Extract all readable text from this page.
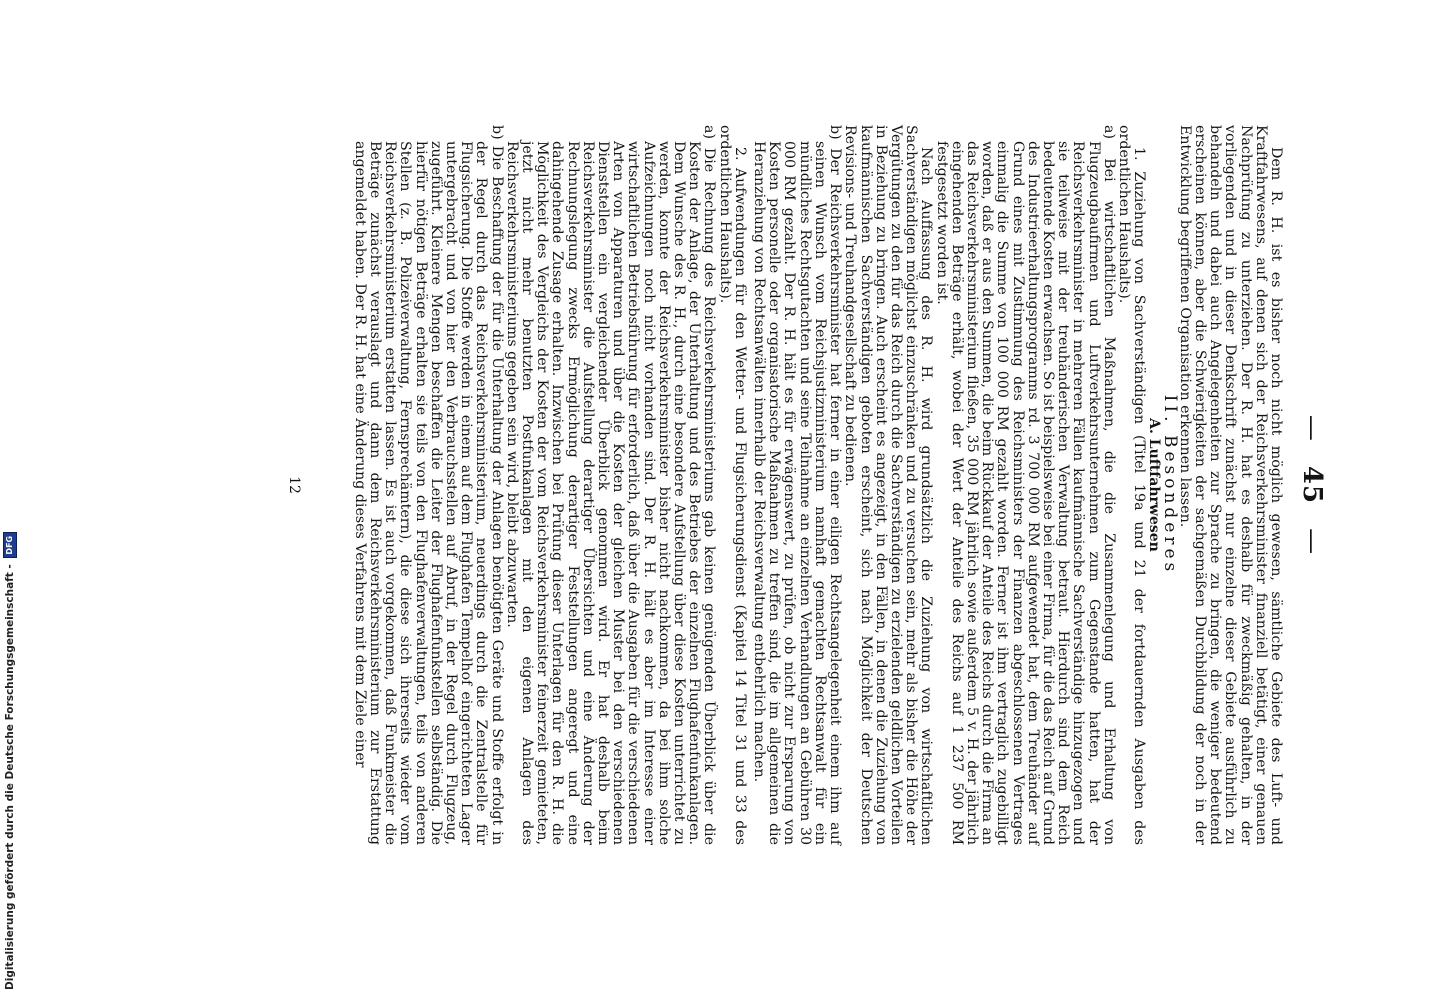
— 45 —

Dem R. H. ist es bisher noch nicht möglich gewesen, sämtliche Gebiete des Luft- und Kraftfahrwesens, auf denen sich der Reichsverkehrsminister finanziell betätigt, einer genauen Nachprüfung zu unterziehen. Der R. H. hat es deshalb für zweckmäßig gehalten, in der vorliegenden und in dieser Denkschrift zunächst nur einzelne dieser Gebiete ausführlich zu behandeln und dabei auch Angelegenheiten zur Sprache zu bringen, die weniger bedeutend erscheinen können, aber die Schwierigkeiten der sachgemäßen Durchbildung der noch in der Entwicklung begriffenen Organisation erkennen lassen.

II. Besonderes

A. Luftfahrwesen

1. Zuziehung von Sachverständigen (Titel 19a und 21 der fortdauernden Ausgaben des ordentlichen Haushalts).

a) Bei wirtschaftlichen Maßnahmen, die die Zusammenlegung und Erhaltung von Flugzeugbaufirmen und Luftverkehrsunternehmen zum Gegenstande hatten, hat der Reichsverkehrsminister in mehreren Fällen kaufmännische Sachverständige hinzugezogen und sie teilweise mit der treuhänderischen Verwaltung betraut. Hierdurch sind dem Reich bedeutende Kosten erwachsen. So ist beispielsweise bei einer Firma, für die das Reich auf Grund des Industrieerhaltungsprogramms rd. 3 700 000 RM aufgewendet hat, dem Treuhänder auf Grund eines mit Zustimmung des Reichsministers der Finanzen abgeschlossenen Vertrages einmalig die Summe von 100 000 RM gezahlt worden. Ferner ist ihm vertraglich zugebilligt worden, daß er aus den Summen, die beim Rückkauf der Anteile des Reichs durch die Firma an das Reichsverkehrsministerium fließen, 35 000 RM jährlich sowie außerdem 5 v. H. der jährlich eingehenden Beträge erhält, wobei der Wert der Anteile des Reichs auf 1 237 500 RM festgesetzt worden ist.

Nach Auffassung des R. H. wird grundsätzlich die Zuziehung von wirtschaftlichen Sachverständigen möglichst einzuschränken und zu versuchen sein, mehr als bisher die Höhe der Vergütungen zu den für das Reich durch die Sachverständigen zu erzielenden geldlichen Vorteilen in Beziehung zu bringen. Auch erscheint es angezeigt, in den Fällen, in denen die Zuziehung von kaufmännischen Sachverständigen geboten erscheint, sich nach Möglichkeit der Deutschen Revisions- und Treuhandgesellschaft zu bedienen.

b) Der Reichsverkehrsminister hat ferner in einer eiligen Rechtsangelegenheit einem ihm auf seinen Wunsch vom Reichsjustizministerium namhaft gemachten Rechtsanwalt für ein mündliches Rechtsgutachten und seine Teilnahme an einzelnen Verhandlungen an Gebühren 30 000 RM gezahlt. Der R. H. hält es für erwägenswert, zu prüfen, ob nicht zur Ersparung von Kosten personelle oder organisatorische Maßnahmen zu treffen sind, die im allgemeinen die Heranziehung von Rechtsanwälten innerhalb der Reichsverwaltung entbehrlich machen.

2. Aufwendungen für den Wetter- und Flugsicherungsdienst (Kapitel 14 Titel 31 und 33 des ordentlichen Haushalts).

a) Die Rechnung des Reichsverkehrsministeriums gab keinen genügenden Überblick über die Kosten der Anlage, der Unterhaltung und des Betriebes der einzelnen Flughafenfunkanlagen. Dem Wunsche des R. H., durch eine besondere Aufstellung über diese Kosten unterrichtet zu werden, konnte der Reichsverkehrsminister bisher nicht nachkommen, da bei ihm solche Aufzeichnungen noch nicht vorhanden sind. Der R. H. hält es aber im Interesse einer wirtschaftlichen Betriebsführung für erforderlich, daß über die Ausgaben für die verschiedenen Arten von Apparaturen und über die Kosten der gleichen Muster bei den verschiedenen Dienststellen ein vergleichender Überblick genommen wird. Er hat deshalb beim Reichsverkehrsminister die Aufstellung derartiger Übersichten und eine Änderung der Rechnungslegung zwecks Ermöglichung derartiger Feststellungen angeregt und eine dahingehende Zusage erhalten. Inzwischen bei Prüfung dieser Unterlagen für den R. H. die Möglichkeit des Vergleichs der Kosten der vom Reichsverkehrsminister feinerzeit gemieteten, jetzt nicht mehr benutzten Postfunkanlagen mit den eigenen Anlagen des Reichsverkehrsministeriums gegeben sein wird, bleibt abzuwarten.

b) Die Beschaffung der für die Unterhaltung der Anlagen benötigten Geräte und Stoffe erfolgt in der Regel durch das Reichsverkehrsministerium, neuerdings durch die Zentralstelle für Flugsicherung. Die Stoffe werden in einem auf dem Flughafen Tempelhof eingerichteten Lager untergebracht und von hier den Verbrauchsstellen auf Abruf, in der Regel durch Flugzeug, zugeführt. Kleinere Mengen beschaffen die Leiter der Flughafenfunkstellen selbständig. Die hierfür nötigen Beträge erhalten sie teils von den Flughafenverwaltungen, teils von anderen Stellen (z. B. Polizeiverwaltung, Fernsprechämtern), die diese sich ihrerseits wieder vom Reichsverkehrsministerium erstatten lassen. Es ist auch vorgekommen, daß Funkmeister die Beträge zunächst verauslagt und dann dem Reichsverkehrsministerium zur Erstattung angemeldet haben. Der R. H. hat eine Änderung dieses Verfahrens mit dem Ziele einer

12
Digitalisierung gefördert durch die Deutsche Forschungsgemeinschaft -
DFG
